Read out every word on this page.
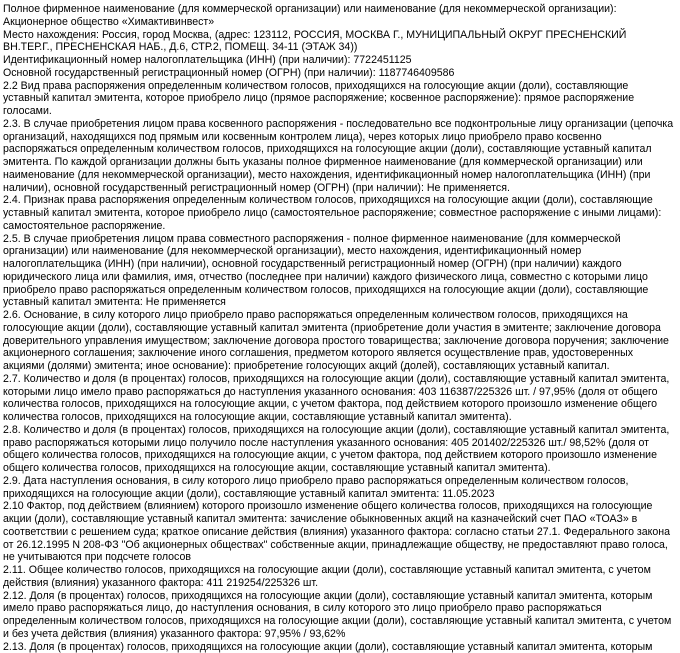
Полное фирменное наименование (для коммерческой организации) или наименование (для некоммерческой организации): Акционерное общество «Химактивинвест»

Место нахождения: Россия, город Москва, (адрес: 123112, РОССИЯ, МОСКВА Г., МУНИЦИПАЛЬНЫЙ ОКРУГ ПРЕСНЕНСКИЙ ВН.ТЕР.Г., ПРЕСНЕНСКАЯ НАБ., Д.6, СТР.2, ПОМЕЩ. 34-11 (ЭТАЖ 34))

Идентификационный номер налогоплательщика (ИНН) (при наличии): 7722451125

Основной государственный регистрационный номер (ОГРН) (при наличии): 1187746409586

2.2 Вид права распоряжения определенным количеством голосов, приходящихся на голосующие акции (доли), составляющие уставный капитал эмитента, которое приобрело лицо (прямое распоряжение; косвенное распоряжение): прямое распоряжение голосами.

2.3. В случае приобретения лицом права косвенного распоряжения - последовательно все подконтрольные лицу организации (цепочка организаций, находящихся под прямым или косвенным контролем лица), через которых лицо приобрело право косвенно распоряжаться определенным количеством голосов, приходящихся на голосующие акции (доли), составляющие уставный капитал эмитента. По каждой организации должны быть указаны полное фирменное наименование (для коммерческой организации) или наименование (для некоммерческой организации), место нахождения, идентификационный номер налогоплательщика (ИНН) (при наличии), основной государственный регистрационный номер (ОГРН) (при наличии): Не применяется.

2.4. Признак права распоряжения определенным количеством голосов, приходящихся на голосующие акции (доли), составляющие уставный капитал эмитента, которое приобрело лицо (самостоятельное распоряжение; совместное распоряжение с иными лицами): самостоятельное распоряжение.

2.5. В случае приобретения лицом права совместного распоряжения - полное фирменное наименование (для коммерческой организации) или наименование (для некоммерческой организации), место нахождения, идентификационный номер налогоплательщика (ИНН) (при наличии), основной государственный регистрационный номер (ОГРН) (при наличии) каждого юридического лица или фамилия, имя, отчество (последнее при наличии) каждого физического лица, совместно с которыми лицо приобрело право распоряжаться определенным количеством голосов, приходящихся на голосующие акции (доли), составляющие уставный капитал эмитента: Не применяется

2.6. Основание, в силу которого лицо приобрело право распоряжаться определенным количеством голосов, приходящихся на голосующие акции (доли), составляющие уставный капитал эмитента (приобретение доли участия в эмитенте; заключение договора доверительного управления имуществом; заключение договора простого товарищества; заключение договора поручения; заключение акционерного соглашения; заключение иного соглашения, предметом которого является осуществление прав, удостоверенных акциями (долями) эмитента; иное основание): приобретение голосующих акций (долей), составляющих уставный капитал.

2.7. Количество и доля (в процентах) голосов, приходящихся на голосующие акции (доли), составляющие уставный капитал эмитента, которыми лицо имело право распоряжаться до наступления указанного основания: 403 116387/225326 шт. / 97,95% (доля от общего количества голосов, приходящихся на голосующие акции, с учетом фактора, под действием которого произошло изменение общего количества голосов, приходящихся на голосующие акции, составляющие уставный капитал эмитента).

2.8. Количество и доля (в процентах) голосов, приходящихся на голосующие акции (доли), составляющие уставный капитал эмитента, право распоряжаться которыми лицо получило после наступления указанного основания: 405 201402/225326 шт./ 98,52% (доля от общего количества голосов, приходящихся на голосующие акции, с учетом фактора, под действием которого произошло изменение общего количества голосов, приходящихся на голосующие акции, составляющие уставный капитал эмитента).

2.9. Дата наступления основания, в силу которого лицо приобрело право распоряжаться определенным количеством голосов, приходящихся на голосующие акции (доли), составляющие уставный капитал эмитента: 11.05.2023

2.10 Фактор, под действием (влиянием) которого произошло изменение общего количества голосов, приходящихся на голосующие акции (доли), составляющие уставный капитал эмитента: зачисление обыкновенных акций на казначейский счет ПАО «ТОАЗ» в соответствии с решением суда; краткое описание действия (влияния) указанного фактора: согласно статьи 27.1. Федерального закона от 26.12.1995 N 208-ФЗ "Об акционерных обществах" собственные акции, принадлежащие обществу, не предоставляют право голоса, не учитываются при подсчете голосов

2.11. Общее количество голосов, приходящихся на голосующие акции (доли), составляющие уставный капитал эмитента, с учетом действия (влияния) указанного фактора: 411 219254/225326 шт.

2.12. Доля (в процентах) голосов, приходящихся на голосующие акции (доли), составляющие уставный капитал эмитента, которым имело право распоряжаться лицо, до наступления основания, в силу которого это лицо приобрело право распоряжаться определенным количеством голосов, приходящихся на голосующие акции (доли), составляющие уставный капитал эмитента, с учетом и без учета действия (влияния) указанного фактора: 97,95% / 93,62%

2.13. Доля (в процентах) голосов, приходящихся на голосующие акции (доли), составляющие уставный капитал эмитента, которым
